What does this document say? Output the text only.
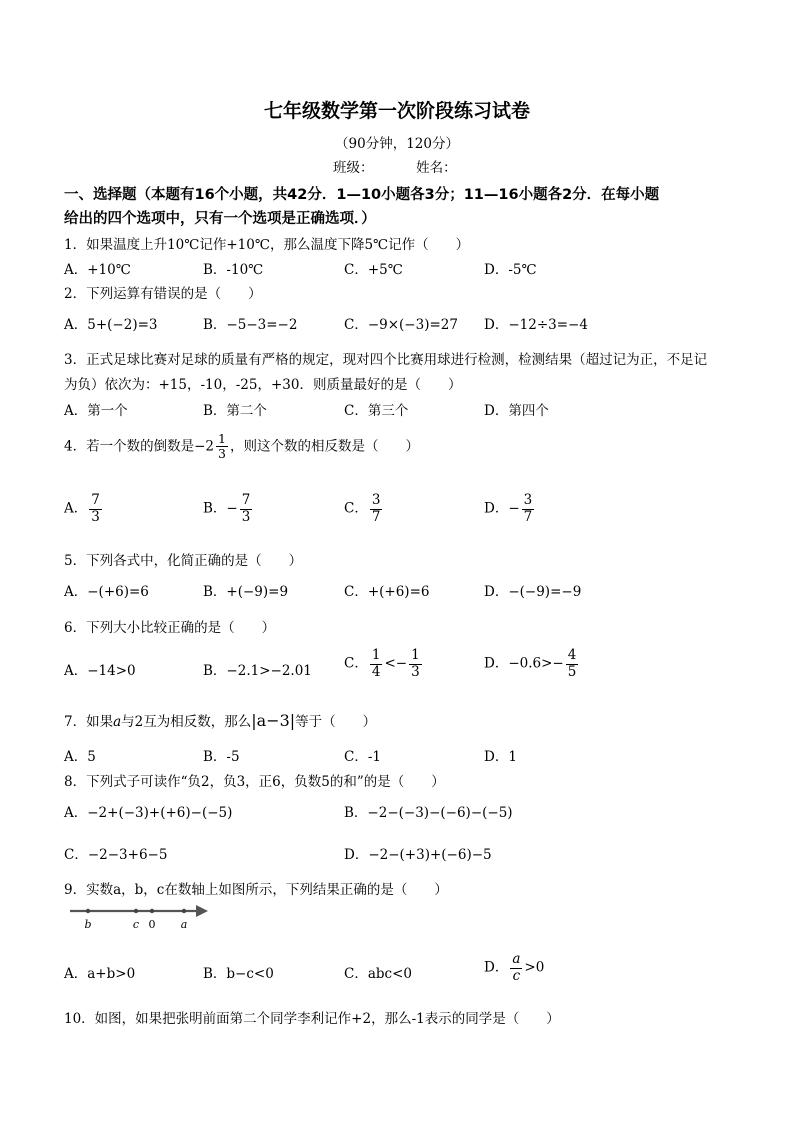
七年级数学第一次阶段练习试卷
（90分钟，120分）
班级：	姓名：
一、选择题（本题有16个小题，共42分．1—10小题各3分；11—16小题各2分．在每小题
给出的四个选项中，只有一个选项是正确选项．）
1．如果温度上升10℃记作+10℃，那么温度下降5℃记作（　　）
A．+10℃	B．-10℃	C．+5℃	D．-5℃
2．下列运算有错误的是（　　）
A．5+(−2)=3	B．−5−3=−2	C．−9×(−3)=27 D．−12÷3=−4
3．正式足球比赛对足球的质量有严格的规定，现对四个比赛用球进行检测，检测结果（超过记为正，不足记
为负）依次为：+15，-10，-25，+30．则质量最好的是（　　）
A．第一个	B．第二个	C．第三个	D．第四个
4．若一个数的倒数是$-2 \frac{1}{3}$ ，则这个数的相反数是（　　）
A． $\frac{7}{3}$	B．− $\frac{7}{3}$	C． $\frac{3}{7}$	D．− $\frac{3}{7}$
5．下列各式中，化简正确的是（　　）
A．−(+6)=6	B．+(−9)=9	C．+(+6)=6	D．−(−9)=−9
6．下列大小比较正确的是（　　）
A．−14>0	B．−2.1>−2.01 C． $\frac{1}{4} <- \frac{1}{3}$	D．$-0.6>- \frac{4}{5}$
7．如果a与2互为相反数，那么|a−3|等于（　　）
A．5	B．-5	C．-1	D．1
8．下列式子可读作“负2，负3，正6，负数5的和”的是（　　）
A．−2+(−3)+(+6)−(−5)	B．−2−(−3)−(−6)−(−5)
C．−2−3+6−5	D．−2−(+3)+(−6)−5
9．实数a，b，c在数轴上如图所示，下列结果正确的是（　　）
b	c 0 a
A．a+b>0	B．b−c<0	C．abc<0	D． $\frac{a}{c} >0$
10．如图，如果把张明前面第二个同学李利记作+2，那么-1表示的同学是（　　）
